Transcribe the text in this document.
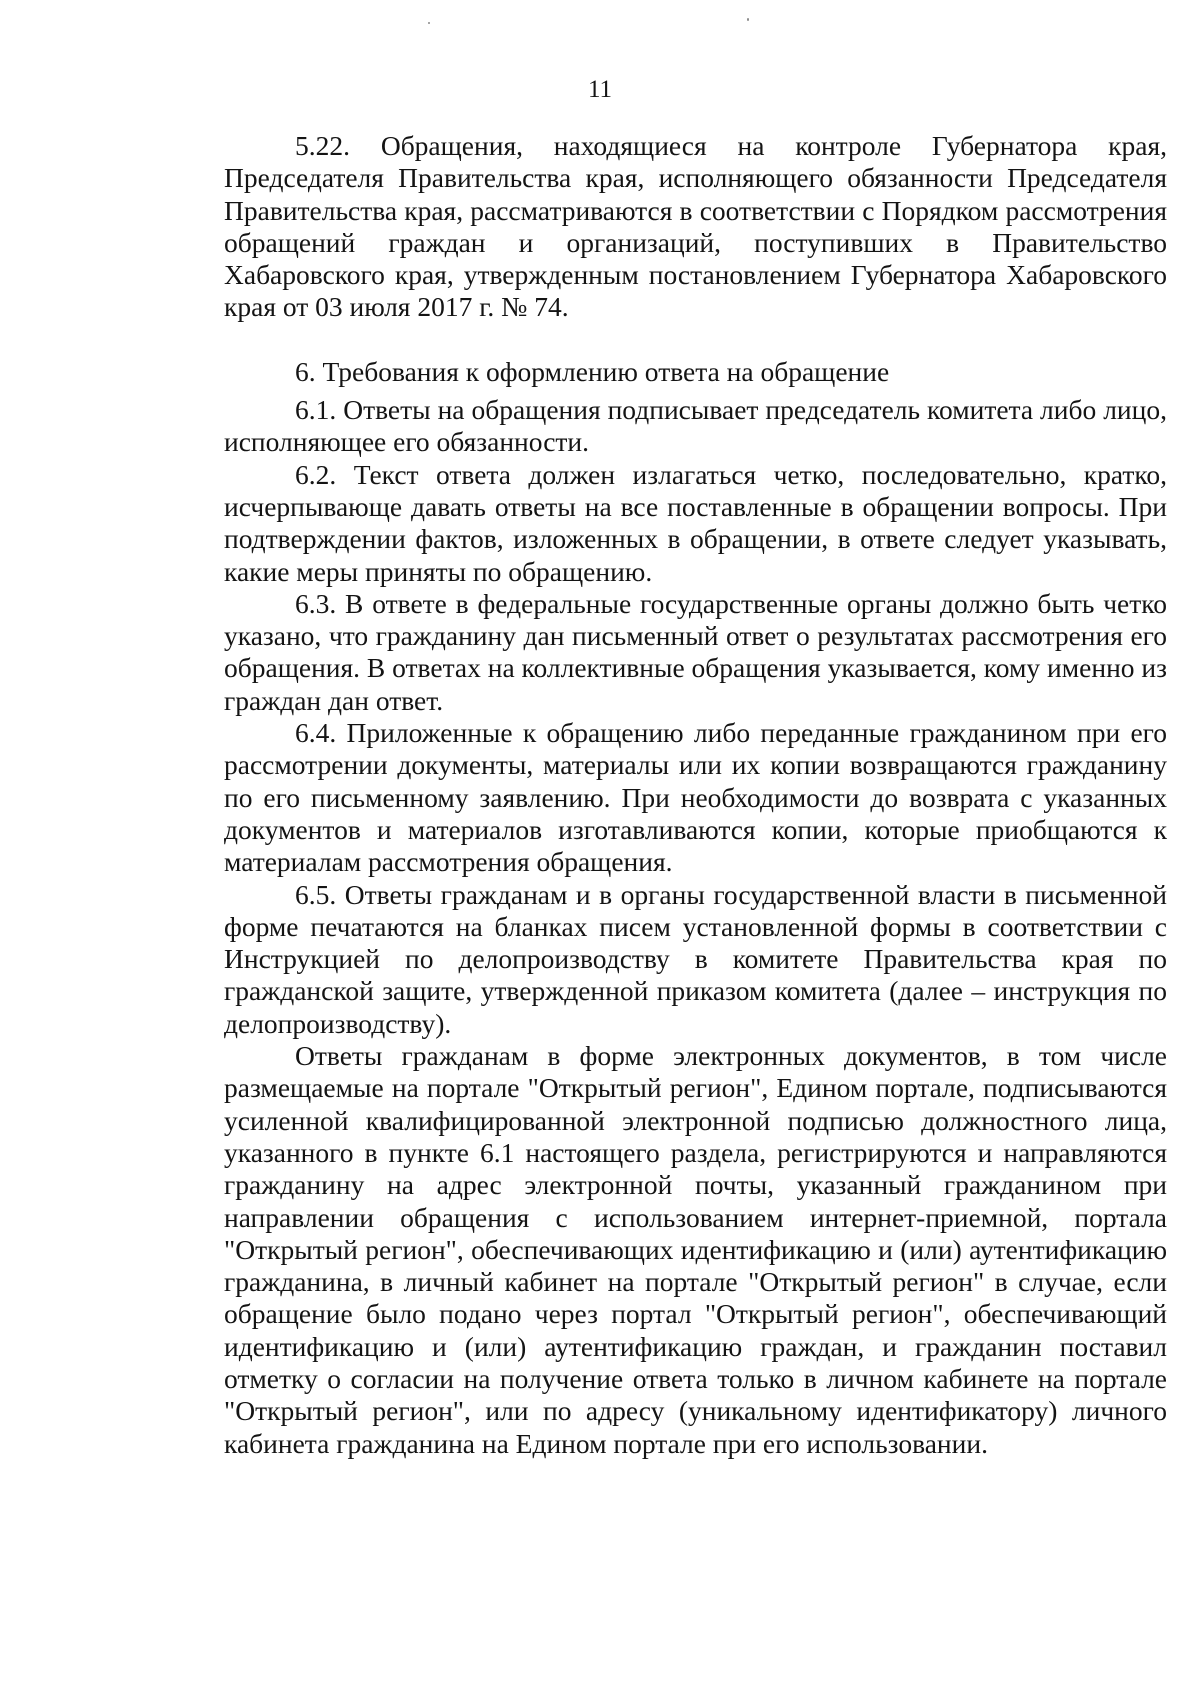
11

5.22. Обращения, находящиеся на контроле Губернатора края, Председателя Правительства края, исполняющего обязанности Председателя Правительства края, рассматриваются в соответствии с Порядком рассмотрения обращений граждан и организаций, поступивших в Правительство Хабаровского края, утвержденным постановлением Губернатора Хабаровского края от 03 июля 2017 г. № 74.

6. Требования к оформлению ответа на обращение

6.1. Ответы на обращения подписывает председатель комитета либо лицо, исполняющее его обязанности.

6.2. Текст ответа должен излагаться четко, последовательно, кратко, исчерпывающе давать ответы на все поставленные в обращении вопросы. При подтверждении фактов, изложенных в обращении, в ответе следует указывать, какие меры приняты по обращению.

6.3. В ответе в федеральные государственные органы должно быть четко указано, что гражданину дан письменный ответ о результатах рассмотрения его обращения. В ответах на коллективные обращения указывается, кому именно из граждан дан ответ.

6.4. Приложенные к обращению либо переданные гражданином при его рассмотрении документы, материалы или их копии возвращаются гражданину по его письменному заявлению. При необходимости до возврата с указанных документов и материалов изготавливаются копии, которые приобщаются к материалам рассмотрения обращения.

6.5. Ответы гражданам и в органы государственной власти в письменной форме печатаются на бланках писем установленной формы в соответствии с Инструкцией по делопроизводству в комитете Правительства края по гражданской защите, утвержденной приказом комитета (далее – инструкция по делопроизводству).

Ответы гражданам в форме электронных документов, в том числе размещаемые на портале "Открытый регион", Едином портале, подписываются усиленной квалифицированной электронной подписью должностного лица, указанного в пункте 6.1 настоящего раздела, регистрируются и направляются гражданину на адрес электронной почты, указанный гражданином при направлении обращения с использованием интернет-приемной, портала "Открытый регион", обеспечивающих идентификацию и (или) аутентификацию гражданина, в личный кабинет на портале "Открытый регион" в случае, если обращение было подано через портал "Открытый регион", обеспечивающий идентификацию и (или) аутентификацию граждан, и гражданин поставил отметку о согласии на получение ответа только в личном кабинете на портале "Открытый регион", или по адресу (уникальному идентификатору) личного кабинета гражданина на Едином портале при его использовании.
